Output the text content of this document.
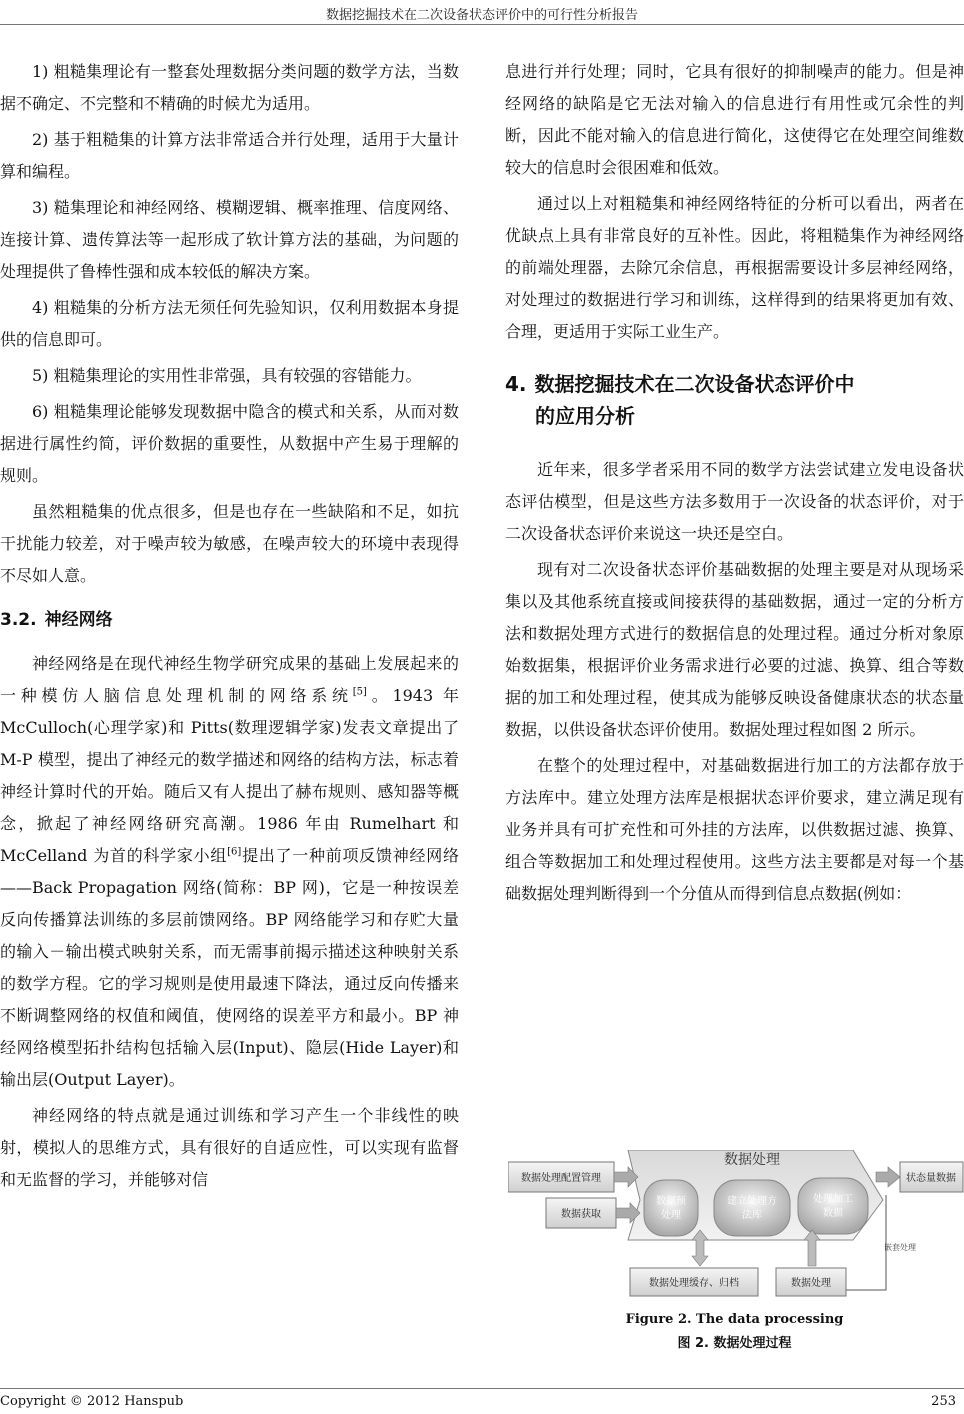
数据挖掘技术在二次设备状态评价中的可行性分析报告

1) 粗糙集理论有一整套处理数据分类问题的数学方法，当数据不确定、不完整和不精确的时候尤为适用。

2) 基于粗糙集的计算方法非常适合并行处理，适用于大量计算和编程。

3) 糙集理论和神经网络、模糊逻辑、概率推理、信度网络、连接计算、遗传算法等一起形成了软计算方法的基础，为问题的处理提供了鲁棒性强和成本较低的解决方案。

4) 粗糙集的分析方法无须任何先验知识，仅利用数据本身提供的信息即可。

5) 粗糙集理论的实用性非常强，具有较强的容错能力。

6) 粗糙集理论能够发现数据中隐含的模式和关系，从而对数据进行属性约简，评价数据的重要性，从数据中产生易于理解的规则。

虽然粗糙集的优点很多，但是也存在一些缺陷和不足，如抗干扰能力较差，对于噪声较为敏感，在噪声较大的环境中表现得不尽如人意。

3.2. 神经网络

神经网络是在现代神经生物学研究成果的基础上发展起来的一种模仿人脑信息处理机制的网络系统[5]。1943 年 McCulloch(心理学家)和 Pitts(数理逻辑学家)发表文章提出了 M-P 模型，提出了神经元的数学描述和网络的结构方法，标志着神经计算时代的开始。随后又有人提出了赫布规则、感知器等概念，掀起了神经网络研究高潮。1986 年由 Rumelhart 和 McCelland 为首的科学家小组[6]提出了一种前项反馈神经网络——Back Propagation 网络(简称：BP 网)，它是一种按误差反向传播算法训练的多层前馈网络。BP 网络能学习和存贮大量的输入－输出模式映射关系，而无需事前揭示描述这种映射关系的数学方程。它的学习规则是使用最速下降法，通过反向传播来不断调整网络的权值和阈值，使网络的误差平方和最小。BP 神经网络模型拓扑结构包括输入层(Input)、隐层(Hide Layer)和输出层(Output Layer)。

神经网络的特点就是通过训练和学习产生一个非线性的映射，模拟人的思维方式，具有很好的自适应性，可以实现有监督和无监督的学习，并能够对信

息进行并行处理；同时，它具有很好的抑制噪声的能力。但是神经网络的缺陷是它无法对输入的信息进行有用性或冗余性的判断，因此不能对输入的信息进行简化，这使得它在处理空间维数较大的信息时会很困难和低效。

通过以上对粗糙集和神经网络特征的分析可以看出，两者在优缺点上具有非常良好的互补性。因此，将粗糙集作为神经网络的前端处理器，去除冗余信息，再根据需要设计多层神经网络，对处理过的数据进行学习和训练，这样得到的结果将更加有效、合理，更适用于实际工业生产。

4. 数据挖掘技术在二次设备状态评价中
的应用分析

近年来，很多学者采用不同的数学方法尝试建立发电设备状态评估模型，但是这些方法多数用于一次设备的状态评价，对于二次设备状态评价来说这一块还是空白。

现有对二次设备状态评价基础数据的处理主要是对从现场采集以及其他系统直接或间接获得的基础数据，通过一定的分析方法和数据处理方式进行的数据信息的处理过程。通过分析对象原始数据集，根据评价业务需求进行必要的过滤、换算、组合等数据的加工和处理过程，使其成为能够反映设备健康状态的状态量数据，以供设备状态评价使用。数据处理过程如图 2 所示。

在整个的处理过程中，对基础数据进行加工的方法都存放于方法库中。建立处理方法库是根据状态评价要求，建立满足现有业务并具有可扩充性和可外挂的方法库，以供数据过滤、换算、组合等数据加工和处理过程使用。这些方法主要都是对每一个基础数据处理判断得到一个分值从而得到信息点数据(例如：

数据处理
数据处理配置管理
数据获取
数据预
处理
建立处理方
法库
处理加工
数据
状态量数据
嵌套处理
数据处理缓存、归档	数据处理
Figure 2. The data processing
图 2. 数据处理过程
Copyright © 2012 Hanspub	253
